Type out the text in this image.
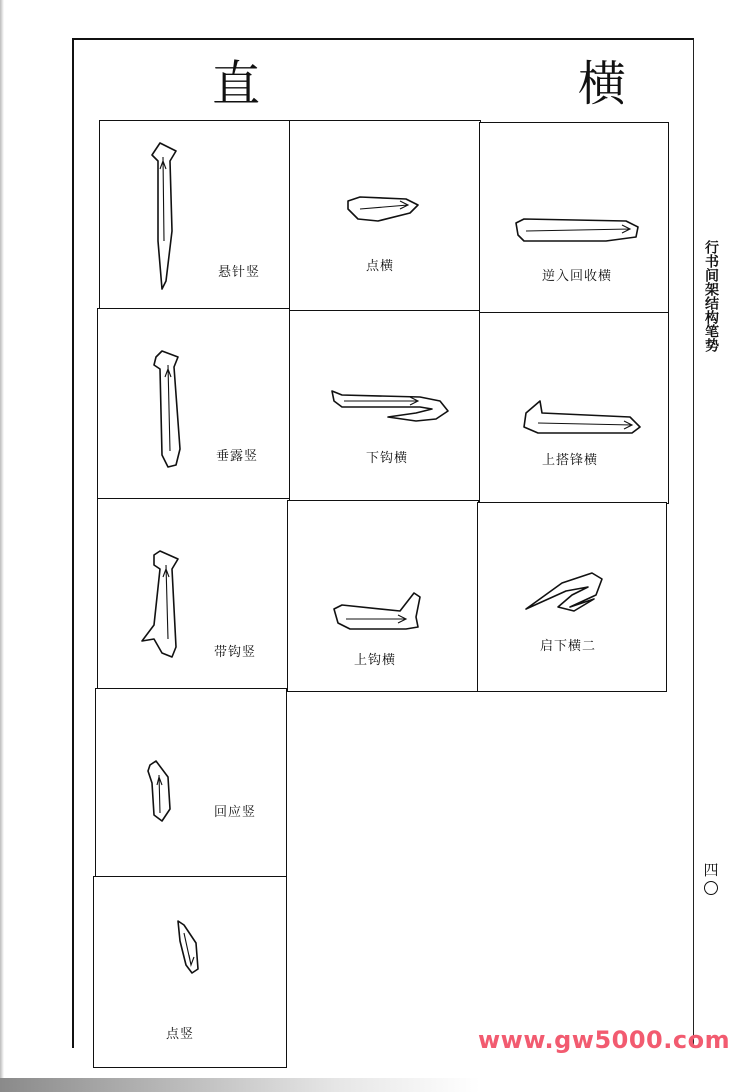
直	横
悬针竖
垂露竖
带钩竖
回应竖
点竖
点横
下钩横
上钩横
逆入回收横
上搭锋横
启下横二
行书间架结构笔势
四
www.gw5000.com
